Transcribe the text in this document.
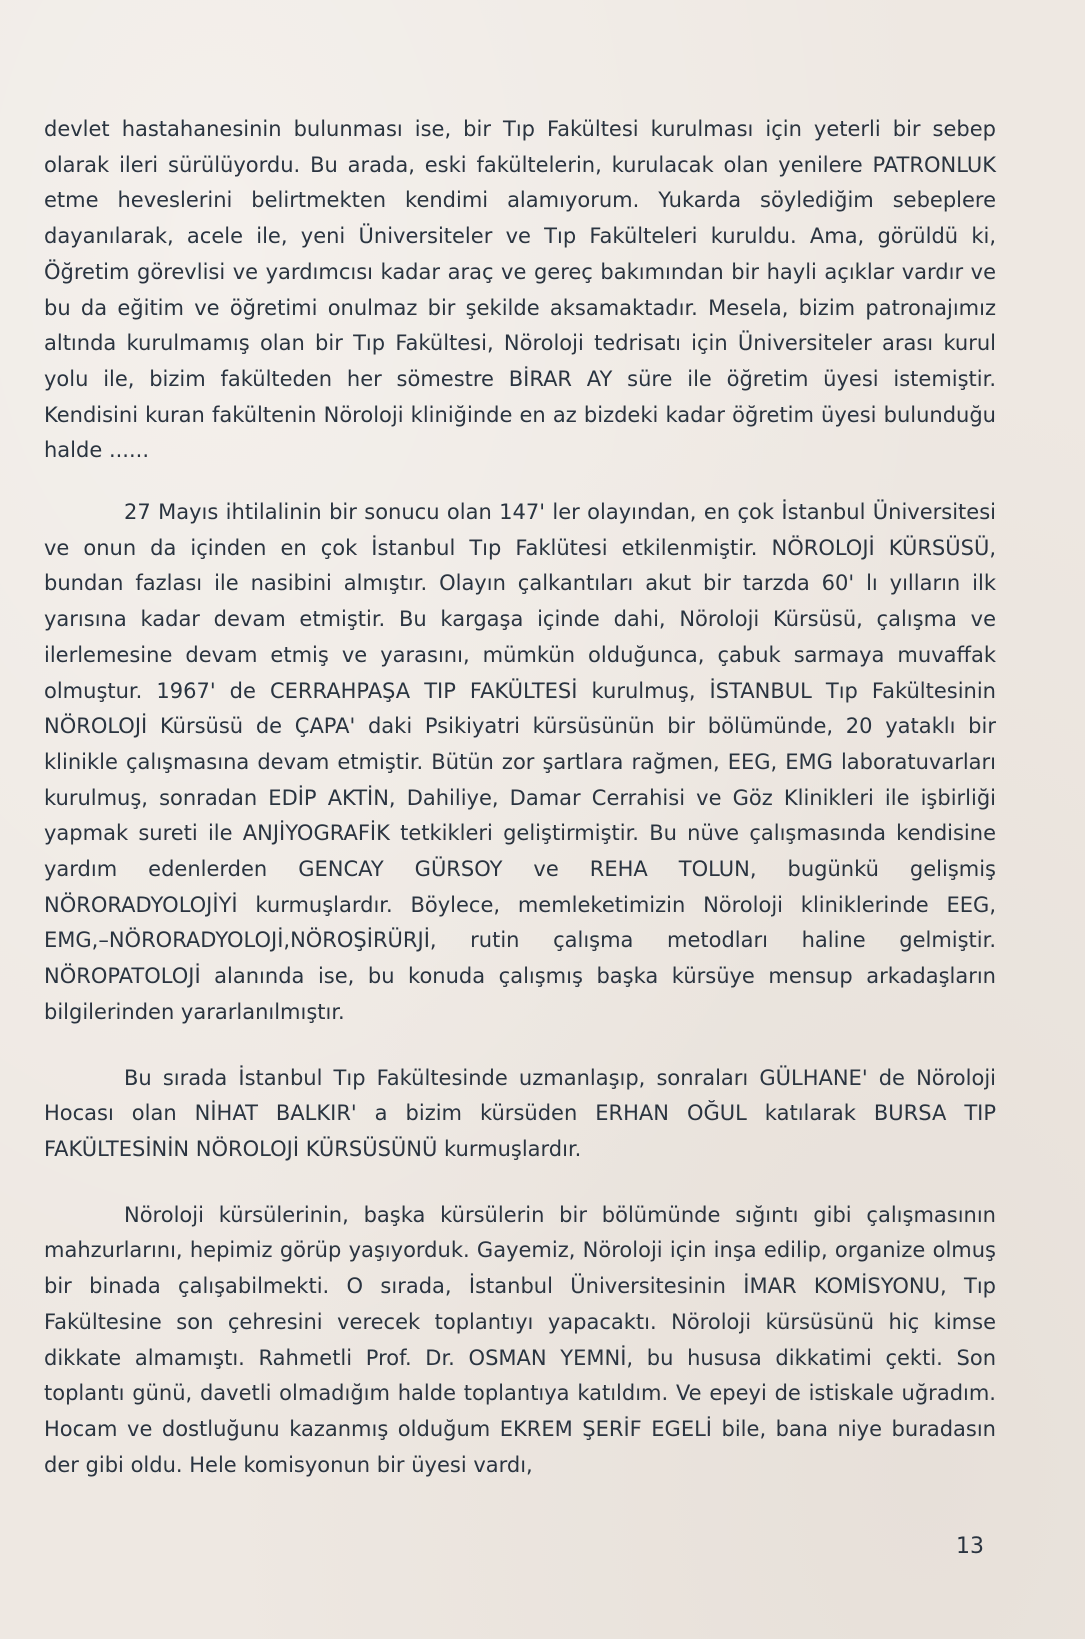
devlet hastahanesinin bulunması ise, bir Tıp Fakültesi kurulması için yeterli bir sebep olarak ileri sürülüyordu. Bu arada, eski fakültelerin, kurulacak olan yenilere PATRONLUK etme heveslerini belirtmekten kendimi alamıyorum. Yukarda söylediğim sebeplere dayanılarak, acele ile, yeni Üniversiteler ve Tıp Fakülteleri kuruldu. Ama, görüldü ki, Öğretim görevlisi ve yardımcısı kadar araç ve gereç bakımından bir hayli açıklar vardır ve bu da eğitim ve öğretimi onulmaz bir şekilde aksamaktadır. Mesela, bizim patronajımız altında kurulmamış olan bir Tıp Fakültesi, Nöroloji tedrisatı için Üniversiteler arası kurul yolu ile, bizim fakülteden her sömestre BİRAR AY süre ile öğretim üyesi istemiştir. Kendisini kuran fakültenin Nöroloji kliniğinde en az bizdeki kadar öğretim üyesi bulunduğu halde ......

27 Mayıs ihtilalinin bir sonucu olan 147' ler olayından, en çok İstanbul Üniversitesi ve onun da içinden en çok İstanbul Tıp Faklütesi etkilenmiştir. NÖROLOJİ KÜRSÜSÜ, bundan fazlası ile nasibini almıştır. Olayın çalkantıları akut bir tarzda 60' lı yılların ilk yarısına kadar devam etmiştir. Bu kargaşa içinde dahi, Nöroloji Kürsüsü, çalışma ve ilerlemesine devam etmiş ve yarasını, mümkün olduğunca, çabuk sarmaya muvaffak olmuştur. 1967' de CERRAHPAŞA TIP FAKÜLTESİ kurulmuş, İSTANBUL Tıp Fakültesinin NÖROLOJİ Kürsüsü de ÇAPA' daki Psikiyatri kürsüsünün bir bölümünde, 20 yataklı bir klinikle çalışmasına devam etmiştir. Bütün zor şartlara rağmen, EEG, EMG laboratuvarları kurulmuş, sonradan EDİP AKTİN, Dahiliye, Damar Cerrahisi ve Göz Klinikleri ile işbirliği yapmak sureti ile ANJİYOGRAFİK tetkikleri geliştirmiştir. Bu nüve çalışmasında kendisine yardım edenlerden GENCAY GÜRSOY ve REHA TOLUN, bugünkü gelişmiş NÖRORADYOLOJİYİ kurmuşlardır. Böylece, memleketimizin Nöroloji kliniklerinde EEG, EMG,–NÖRORADYOLOJİ,NÖROŞİRÜRJİ, rutin çalışma metodları haline gelmiştir. NÖROPATOLOJİ alanında ise, bu konuda çalışmış başka kürsüye mensup arkadaşların bilgilerinden yararlanılmıştır.

Bu sırada İstanbul Tıp Fakültesinde uzmanlaşıp, sonraları GÜLHANE' de Nöroloji Hocası olan NİHAT BALKIR' a bizim kürsüden ERHAN OĞUL katılarak BURSA TIP FAKÜLTESİNİN NÖROLOJİ KÜRSÜSÜNÜ kurmuşlardır.

Nöroloji kürsülerinin, başka kürsülerin bir bölümünde sığıntı gibi çalışmasının mahzurlarını, hepimiz görüp yaşıyorduk. Gayemiz, Nöroloji için inşa edilip, organize olmuş bir binada çalışabilmekti. O sırada, İstanbul Üniversitesinin İMAR KOMİSYONU, Tıp Fakültesine son çehresini verecek toplantıyı yapacaktı. Nöroloji kürsüsünü hiç kimse dikkate almamıştı. Rahmetli Prof. Dr. OSMAN YEMNİ, bu hususa dikkatimi çekti. Son toplantı günü, davetli olmadığım halde toplantıya katıldım. Ve epeyi de istiskale uğradım. Hocam ve dostluğunu kazanmış olduğum EKREM ŞERİF EGELİ bile, bana niye buradasın der gibi oldu. Hele komisyonun bir üyesi vardı,

13
